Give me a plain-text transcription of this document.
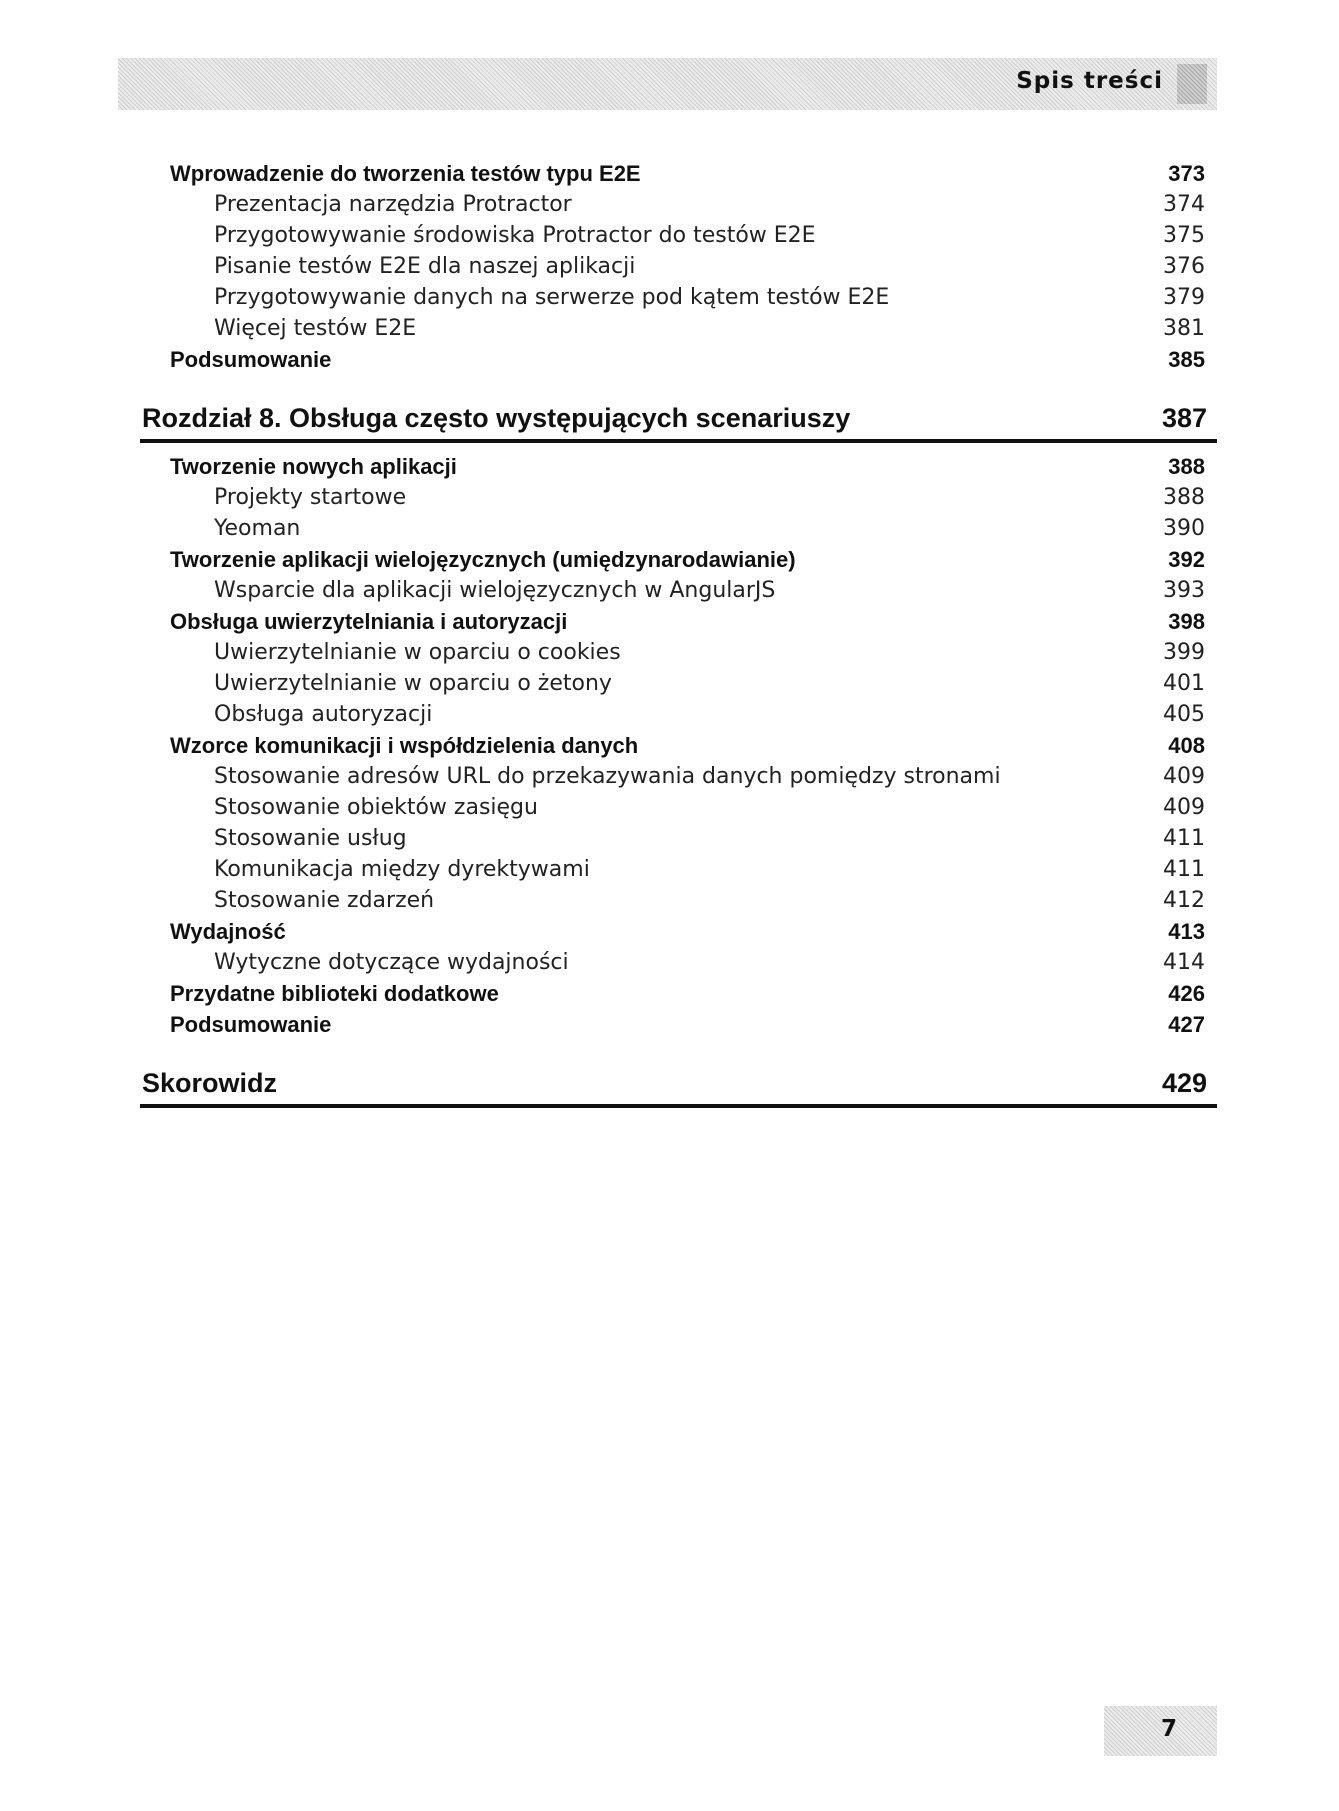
Spis treści
Wprowadzenie do tworzenia testów typu E2E	373
Prezentacja narzędzia Protractor	374
Przygotowywanie środowiska Protractor do testów E2E	375
Pisanie testów E2E dla naszej aplikacji	376
Przygotowywanie danych na serwerze pod kątem testów E2E	379
Więcej testów E2E	381
Podsumowanie	385
Rozdział 8. Obsługa często występujących scenariuszy	387
Tworzenie nowych aplikacji	388
Projekty startowe	388
Yeoman	390
Tworzenie aplikacji wielojęzycznych (umiędzynarodawianie)	392
Wsparcie dla aplikacji wielojęzycznych w AngularJS	393
Obsługa uwierzytelniania i autoryzacji	398
Uwierzytelnianie w oparciu o cookies	399
Uwierzytelnianie w oparciu o żetony	401
Obsługa autoryzacji	405
Wzorce komunikacji i współdzielenia danych	408
Stosowanie adresów URL do przekazywania danych pomiędzy stronami	409
Stosowanie obiektów zasięgu	409
Stosowanie usług	411
Komunikacja między dyrektywami	411
Stosowanie zdarzeń	412
Wydajność	413
Wytyczne dotyczące wydajności	414
Przydatne biblioteki dodatkowe	426
Podsumowanie	427
Skorowidz	429
7
